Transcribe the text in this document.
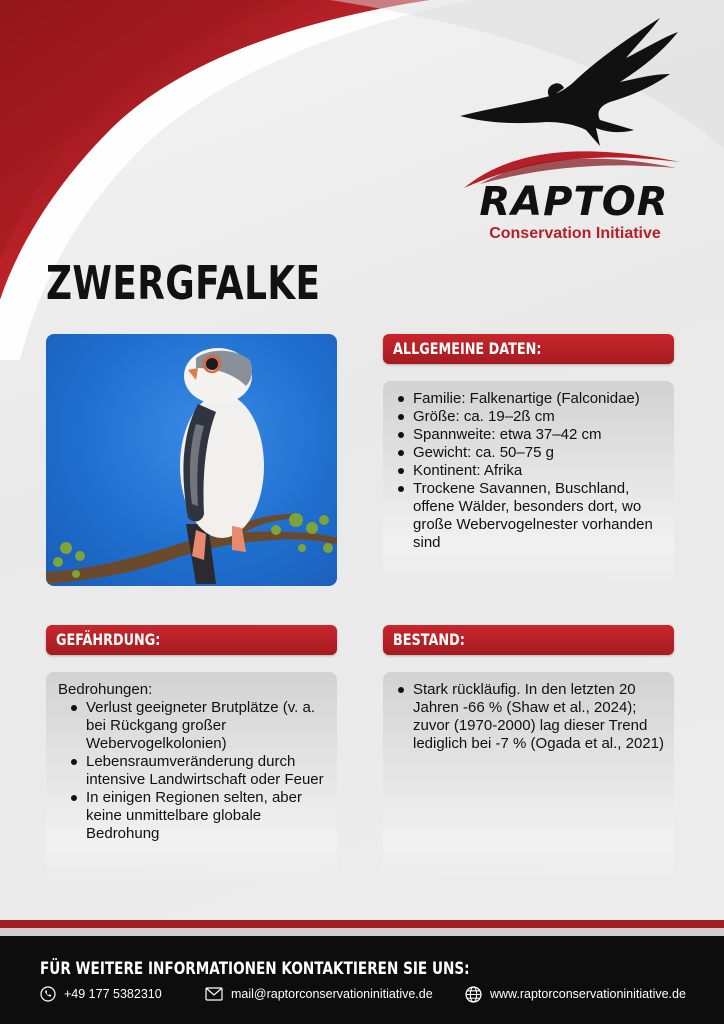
RAPTOR
Conservation Initiative
ZWERGFALKE
ALLGEMEINE DATEN:
Familie: Falkenartige (Falconidae)
Größe: ca. 19–2ß cm
Spannweite: etwa 37–42 cm
Gewicht: ca. 50–75 g
Kontinent: Afrika
Trockene Savannen, Buschland, offene Wälder, besonders dort, wo große Webervogelnester vorhanden sind
GEFÄHRDUNG:
Bedrohungen:
Verlust geeigneter Brutplätze (v. a. bei Rückgang großer Webervogelkolonien)
Lebensraumveränderung durch intensive Landwirtschaft oder Feuer
In einigen Regionen selten, aber keine unmittelbare globale Bedrohung
BESTAND:
Stark rückläufig. In den letzten 20 Jahren -66 % (Shaw et al., 2024); zuvor (1970-2000) lag dieser Trend lediglich bei -7 % (Ogada et al., 2021)
FÜR WEITERE INFORMATIONEN KONTAKTIEREN SIE UNS:
+49 177 5382310	mail@raptorconservationinitiative.de	www.raptorconservationinitiative.de
